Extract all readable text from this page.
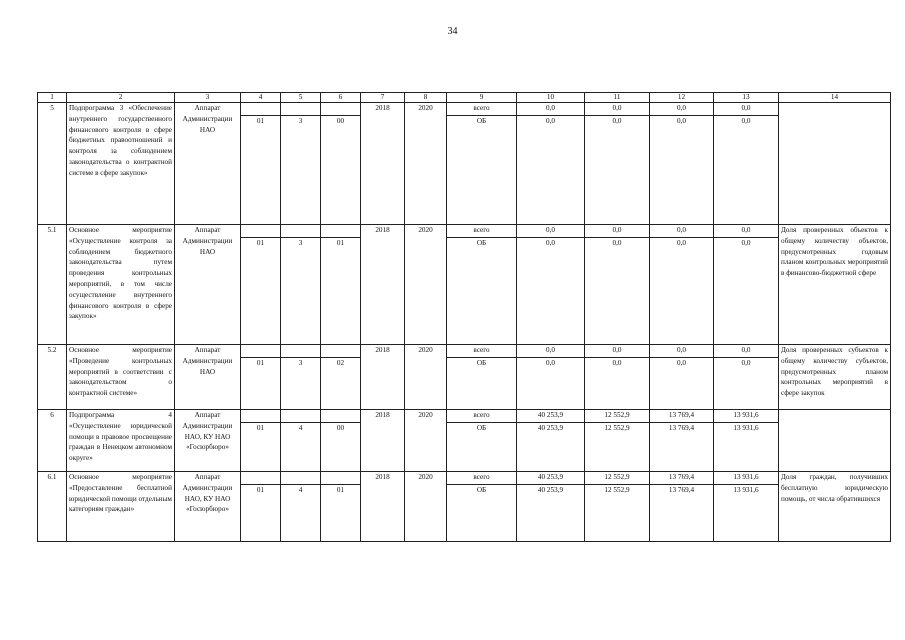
34
1	2	3	4	5	6	7	8	9	10	11	12	13	14
5	Подпрограмма 3 «Обеспечение внутреннего государственного финансового контроля в сфере бюджетных правоотношений и контроля за соблюдением законодательства о контрактной системе в сфере закупок»	Аппарат Администрации НАО				2018	2020	всего	0,0	0,0	0,0	0,0	
			01	3	00			ОБ	0,0	0,0	0,0	0,0	
5.1	Основное мероприятие «Осуществление контроля за соблюдением бюджетного законодательства путем проведения контрольных мероприятий, в том числе осуществление внутреннего финансового контроля в сфере закупок»	Аппарат Администрации НАО				2018	2020	всего	0,0	0,0	0,0	0,0	Доля проверенных объектов к общему количеству объектов, предусмотренных годовым планом контрольных мероприятий в финансово-бюджетной сфере
			01	3	01			ОБ	0,0	0,0	0,0	0,0	
5.2	Основное мероприятие «Проведение контрольных мероприятий в соответствии с законодательством о контрактной системе»	Аппарат Администрации НАО				2018	2020	всего	0,0	0,0	0,0	0,0	Доля проверенных субъектов к общему количеству субъектов, предусмотренных планом контрольных мероприятий в сфере закупок
			01	3	02			ОБ	0,0	0,0	0,0	0,0	
6	Подпрограмма 4 «Осуществление юридической помощи в правовое просвещение граждан в Ненецком автономном округе»	Аппарат Администрации НАО, КУ НАО «Госюрбюро»				2018	2020	всего	40 253,9	12 552,9	13 769,4	13 931,6	
			01	4	00			ОБ	40 253,9	12 552,9	13 769,4	13 931,6	
6.1	Основное мероприятие «Предоставление бесплатной юридической помощи отдельным категориям граждан»	Аппарат Администрации НАО, КУ НАО «Госюрбюро»				2018	2020	всего	40 253,9	12 552,9	13 769,4	13 931,6	Доля граждан, получивших бесплатную юридическую помощь, от числа обратившихся
			01	4	01			ОБ	40 253,9	12 552,9	13 769,4	13 931,6	
